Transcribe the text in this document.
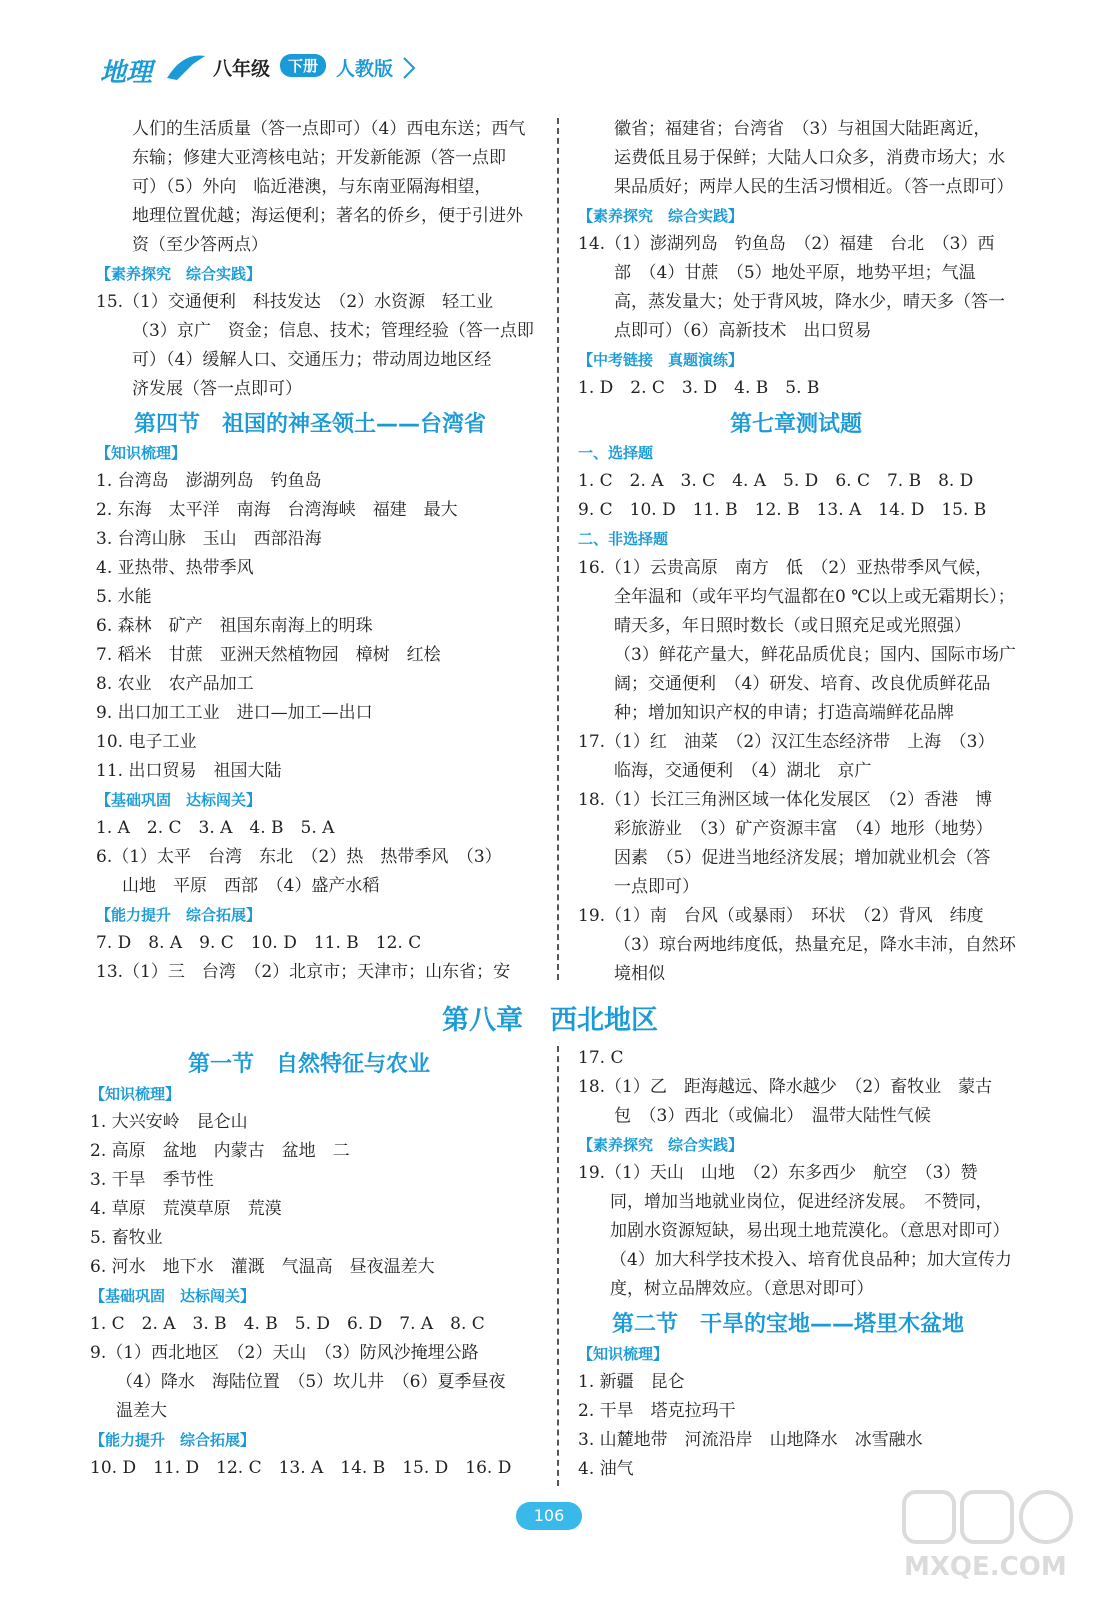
地理	八年级	下册 人教版
人们的生活质量（答一点即可）（4）西电东送；西气
东输；修建大亚湾核电站；开发新能源（答一点即
可）（5）外向　临近港澳，与东南亚隔海相望，
地理位置优越；海运便利；著名的侨乡，便于引进外
资（至少答两点）
【素养探究　综合实践】
15.（1）交通便利　科技发达　（2）水资源　轻工业
（3）京广　资金；信息、技术；管理经验（答一点即
可）（4）缓解人口、交通压力；带动周边地区经
济发展（答一点即可）
第四节　祖国的神圣领土——台湾省
【知识梳理】
1. 台湾岛　澎湖列岛　钓鱼岛
2. 东海　太平洋　南海　台湾海峡　福建　最大
3. 台湾山脉　玉山　西部沿海
4. 亚热带、热带季风
5. 水能
6. 森林　矿产　祖国东南海上的明珠
7. 稻米　甘蔗　亚洲天然植物园　樟树　红桧
8. 农业　农产品加工
9. 出口加工工业　进口—加工—出口
10. 电子工业
11. 出口贸易　祖国大陆
【基础巩固　达标闯关】
1. A　2. C　3. A　4. B　5. A
6.（1）太平　台湾　东北　（2）热　热带季风　（3）
山地　平原　西部　（4）盛产水稻
【能力提升　综合拓展】
7. D　8. A　9. C　10. D　11. B　12. C
13.（1）三　台湾　（2）北京市；天津市；山东省；安
徽省；福建省；台湾省　（3）与祖国大陆距离近，
运费低且易于保鲜；大陆人口众多，消费市场大；水
果品质好；两岸人民的生活习惯相近。（答一点即可）
【素养探究　综合实践】
14.（1）澎湖列岛　钓鱼岛　（2）福建　台北　（3）西
部　（4）甘蔗　（5）地处平原，地势平坦；气温
高，蒸发量大；处于背风坡，降水少，晴天多（答一
点即可）（6）高新技术　出口贸易
【中考链接　真题演练】
1. D　2. C　3. D　4. B　5. B
第七章测试题
一、选择题
1. C　2. A　3. C　4. A　5. D　6. C　7. B　8. D
9. C　10. D　11. B　12. B　13. A　14. D　15. B
二、非选择题
16.（1）云贵高原　南方　低　（2）亚热带季风气候，
全年温和（或年平均气温都在0 ℃以上或无霜期长）；
晴天多，年日照时数长（或日照充足或光照强）
（3）鲜花产量大，鲜花品质优良；国内、国际市场广
阔；交通便利　（4）研发、培育、改良优质鲜花品
种；增加知识产权的申请；打造高端鲜花品牌
17.（1）红　油菜　（2）汉江生态经济带　上海　（3）
临海，交通便利　（4）湖北　京广
18.（1）长江三角洲区域一体化发展区　（2）香港　博
彩旅游业　（3）矿产资源丰富　（4）地形（地势）
因素　（5）促进当地经济发展；增加就业机会（答
一点即可）
19.（1）南　台风（或暴雨）　环状　（2）背风　纬度
（3）琼台两地纬度低，热量充足，降水丰沛，自然环
境相似
第八章　西北地区
第一节　自然特征与农业
【知识梳理】
1. 大兴安岭　昆仑山
2. 高原　盆地　内蒙古　盆地　二
3. 干旱　季节性
4. 草原　荒漠草原　荒漠
5. 畜牧业
6. 河水　地下水　灌溉　气温高　昼夜温差大
【基础巩固　达标闯关】
1. C　2. A　3. B　4. B　5. D　6. D　7. A　8. C
9.（1）西北地区　（2）天山　（3）防风沙掩埋公路
（4）降水　海陆位置　（5）坎儿井　（6）夏季昼夜
温差大
【能力提升　综合拓展】
10. D　11. D　12. C　13. A　14. B　15. D　16. D
17. C
18.（1）乙　距海越远、降水越少　（2）畜牧业　蒙古
包　（3）西北（或偏北）　温带大陆性气候
【素养探究　综合实践】
19.（1）天山　山地　（2）东多西少　航空　（3）赞
同，增加当地就业岗位，促进经济发展。　不赞同，
加剧水资源短缺，易出现土地荒漠化。（意思对即可）
（4）加大科学技术投入、培育优良品种；加大宣传力
度，树立品牌效应。（意思对即可）
第二节　干旱的宝地——塔里木盆地
【知识梳理】
1. 新疆　昆仑
2. 干旱　塔克拉玛干
3. 山麓地带　河流沿岸　山地降水　冰雪融水
4. 油气
106
MXQE.COM
